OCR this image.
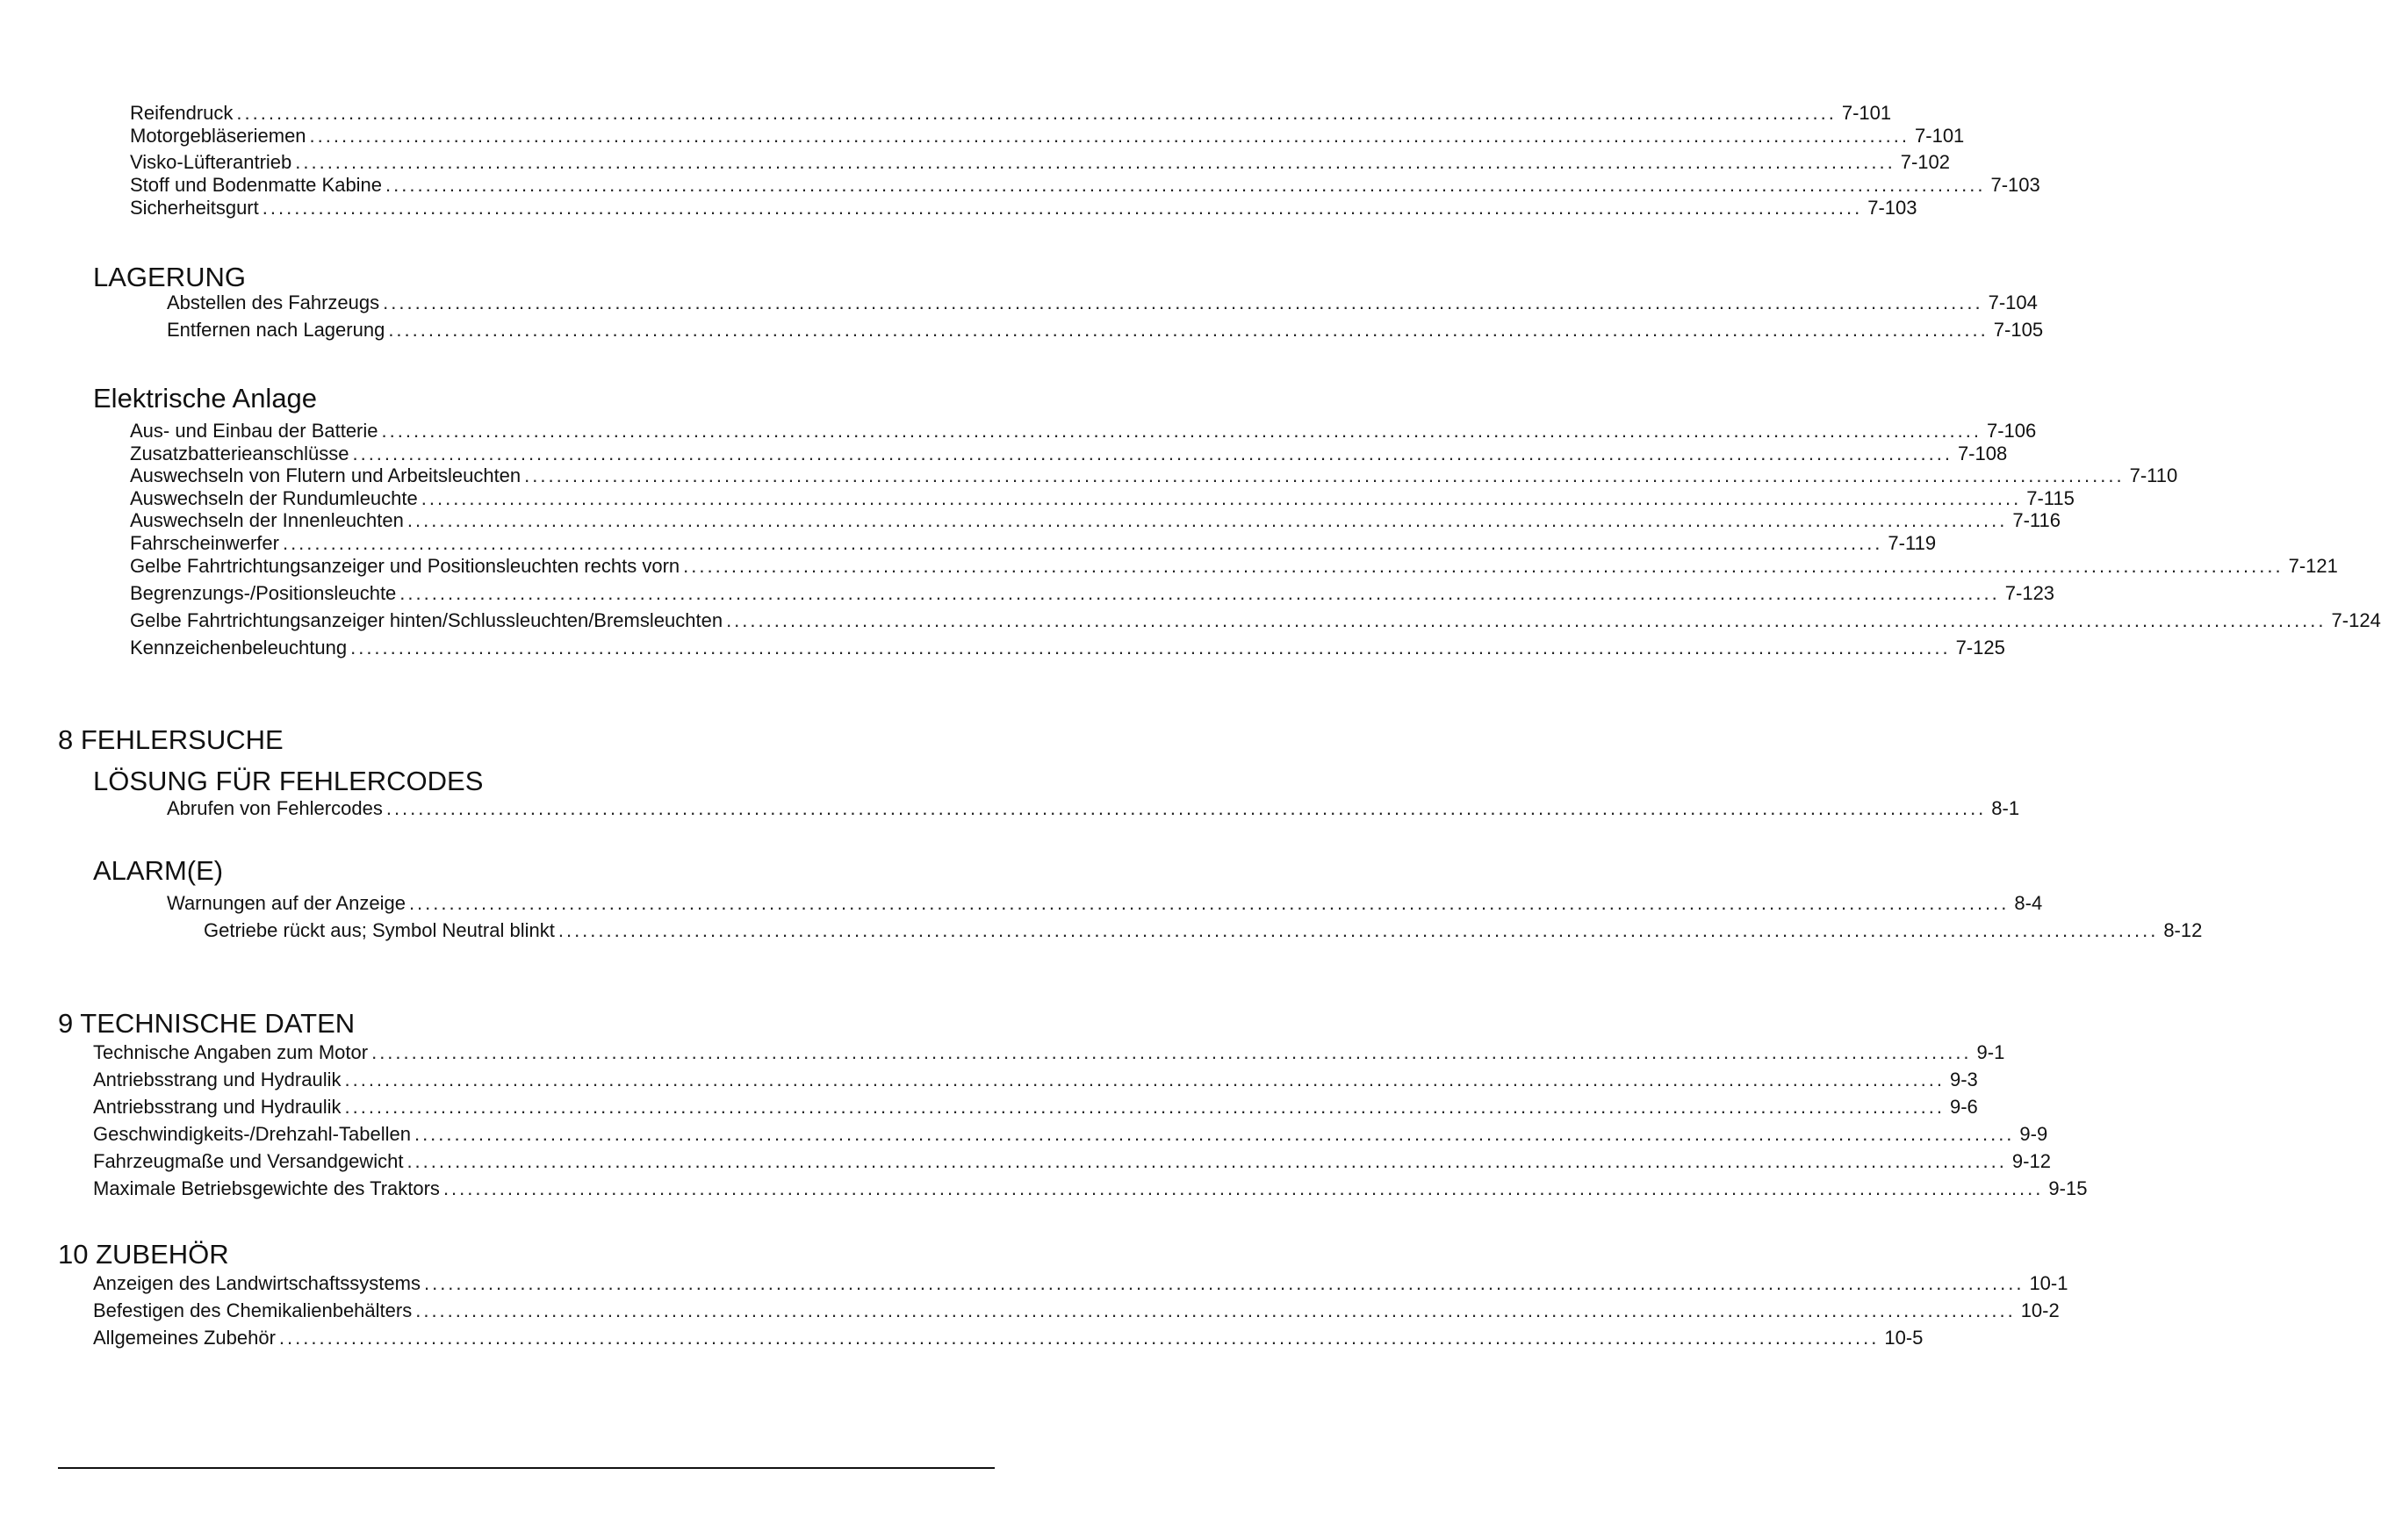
Reifendruck ........................................................................................................................................................................................................ 7-101
Motorgebläseriemen ........................................................................................................................................................................................................ 7-101
Visko-Lüfterantrieb ........................................................................................................................................................................................................ 7-102
Stoff und Bodenmatte Kabine ........................................................................................................................................................................................................ 7-103
Sicherheitsgurt ........................................................................................................................................................................................................ 7-103
LAGERUNG
Abstellen des Fahrzeugs ........................................................................................................................................................................................................ 7-104
Entfernen nach Lagerung ........................................................................................................................................................................................................ 7-105
Elektrische Anlage
Aus- und Einbau der Batterie ........................................................................................................................................................................................................ 7-106
Zusatzbatterieanschlüsse ........................................................................................................................................................................................................ 7-108
Auswechseln von Flutern und Arbeitsleuchten ........................................................................................................................................................................................................ 7-110
Auswechseln der Rundumleuchte ........................................................................................................................................................................................................ 7-115
Auswechseln der Innenleuchten ........................................................................................................................................................................................................ 7-116
Fahrscheinwerfer ........................................................................................................................................................................................................ 7-119
Gelbe Fahrtrichtungsanzeiger und Positionsleuchten rechts vorn ........................................................................................................................................................................................................ 7-121
Begrenzungs-/Positionsleuchte ........................................................................................................................................................................................................ 7-123
Gelbe Fahrtrichtungsanzeiger hinten/Schlussleuchten/Bremsleuchten ........................................................................................................................................................................................................ 7-124
Kennzeichenbeleuchtung ........................................................................................................................................................................................................ 7-125
8 FEHLERSUCHE
LÖSUNG FÜR FEHLERCODES
Abrufen von Fehlercodes ........................................................................................................................................................................................................ 8-1
ALARM(E)
Warnungen auf der Anzeige ........................................................................................................................................................................................................ 8-4
Getriebe rückt aus; Symbol Neutral blinkt ........................................................................................................................................................................................................ 8-12
9 TECHNISCHE DATEN
Technische Angaben zum Motor ........................................................................................................................................................................................................ 9-1
Antriebsstrang und Hydraulik ........................................................................................................................................................................................................ 9-3
Antriebsstrang und Hydraulik ........................................................................................................................................................................................................ 9-6
Geschwindigkeits-/Drehzahl-Tabellen ........................................................................................................................................................................................................ 9-9
Fahrzeugmaße und Versandgewicht ........................................................................................................................................................................................................ 9-12
Maximale Betriebsgewichte des Traktors ........................................................................................................................................................................................................ 9-15
10 ZUBEHÖR
Anzeigen des Landwirtschaftssystems ........................................................................................................................................................................................................ 10-1
Befestigen des Chemikalienbehälters ........................................................................................................................................................................................................ 10-2
Allgemeines Zubehör ........................................................................................................................................................................................................ 10-5
